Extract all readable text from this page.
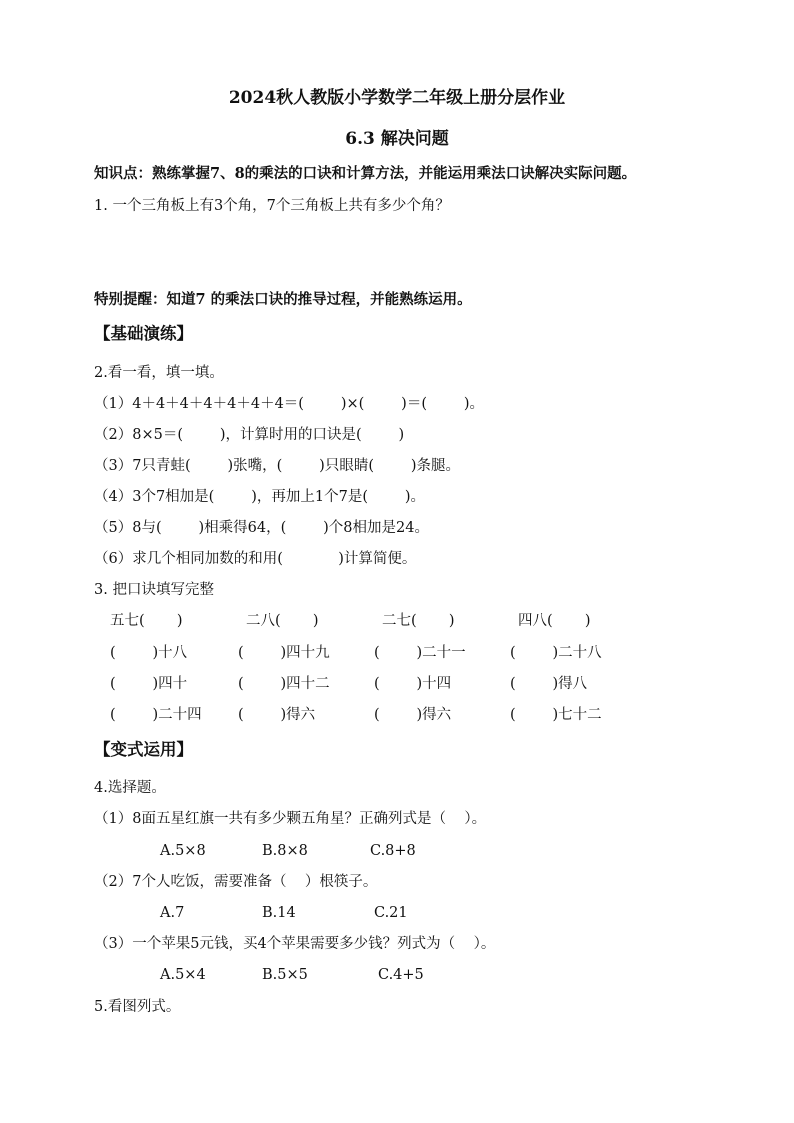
2024秋人教版小学数学二年级上册分层作业
6.3 解决问题
知识点：熟练掌握7、8的乘法的口诀和计算方法，并能运用乘法口诀解决实际问题。
1. 一个三角板上有3个角，7个三角板上共有多少个角？
特别提醒：知道7 的乘法口诀的推导过程，并能熟练运用。
【基础演练】
2.看一看，填一填。
（1）4＋4＋4＋4＋4＋4＋4＝(        )×(        )＝(        )。
（2）8×5＝(        )，计算时用的口诀是(        )
（3）7只青蛙(        )张嘴，(        )只眼睛(        )条腿。
（4）3个7相加是(        )，再加上1个7是(        )。
（5）8与(        )相乘得64，(        )个8相加是24。
（6）求几个相同加数的和用(            )计算简便。
3. 把口诀填写完整
五七(       )	二八(       )	二七(       )	四八(       )
(        )十八	(        )四十九	(        )二十一	(        )二十八
(        )四十	(        )四十二	(        )十四	(        )得八
(        )二十四	(        )得六	(        )得六	(        )七十二
【变式运用】
4.选择题。
（1）8面五星红旗一共有多少颗五角星？正确列式是（    ）。
A.5×8	B.8×8	C.8+8
（2）7个人吃饭，需要准备（    ）根筷子。
A.7	B.14	C.21
（3）一个苹果5元钱，买4个苹果需要多少钱？列式为（    ）。
A.5×4	B.5×5	C.4+5
5.看图列式。
